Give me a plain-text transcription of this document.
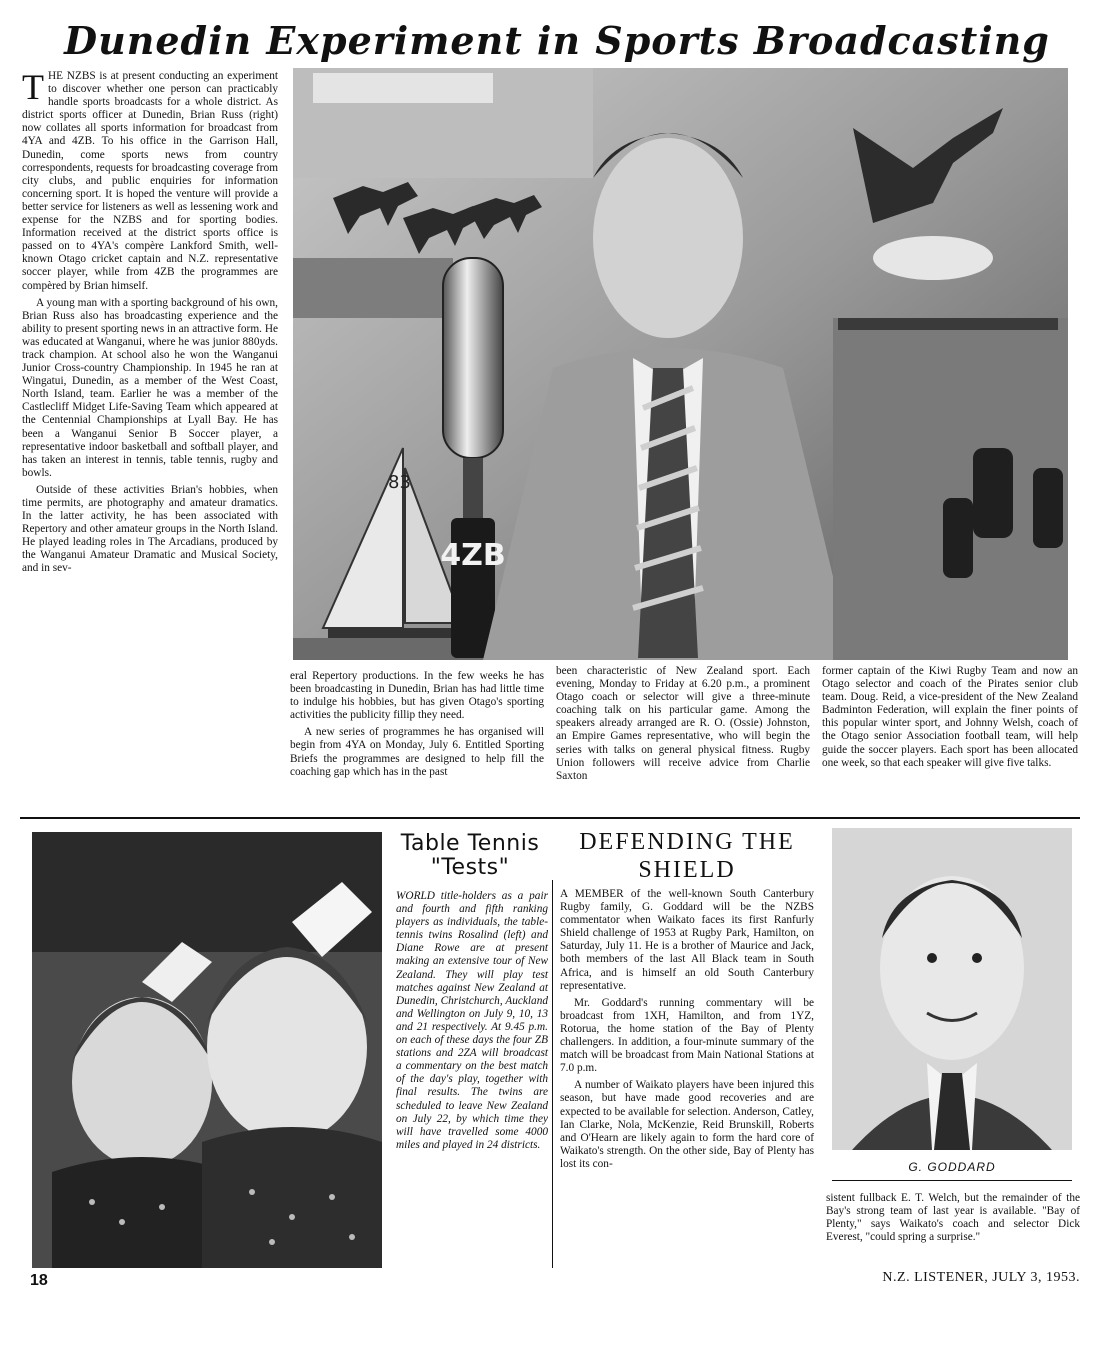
Dunedin Experiment in Sports Broadcasting

THE NZBS is at present conducting an experiment to discover whether one person can practicably handle sports broadcasts for a whole district. As district sports officer at Dunedin, Brian Russ (right) now collates all sports information for broadcast from 4YA and 4ZB. To his office in the Garrison Hall, Dunedin, come sports news from country correspondents, requests for broadcasting coverage from city clubs, and public enquiries for information concerning sport. It is hoped the venture will provide a better service for listeners as well as lessening work and expense for the NZBS and for sporting bodies. Information received at the district sports office is passed on to 4YA's compère Lankford Smith, well-known Otago cricket captain and N.Z. representative soccer player, while from 4ZB the programmes are compèred by Brian himself.

A young man with a sporting background of his own, Brian Russ also has broadcasting experience and the ability to present sporting news in an attractive form. He was educated at Wanganui, where he was junior 880yds. track champion. At school also he won the Wanganui Junior Cross-country Championship. In 1945 he ran at Wingatui, Dunedin, as a member of the West Coast, North Island, team. Earlier he was a member of the Castlecliff Midget Life-Saving Team which appeared at the Centennial Championships at Lyall Bay. He has been a Wanganui Senior B Soccer player, a representative indoor basketball and softball player, and has taken an interest in tennis, table tennis, rugby and bowls.

Outside of these activities Brian's hobbies, when time permits, are photography and amateur dramatics. In the latter activity, he has been associated with Repertory and other amateur groups in the North Island. He played leading roles in The Arcadians, produced by the Wanganui Amateur Dramatic and Musical Society, and in sev-

83
4ZB

eral Repertory productions. In the few weeks he has been broadcasting in Dunedin, Brian has had little time to indulge his hobbies, but has given Otago's sporting activities the publicity fillip they need.

A new series of programmes he has organised will begin from 4YA on Monday, July 6. Entitled Sporting Briefs the programmes are designed to help fill the coaching gap which has in the past

been characteristic of New Zealand sport. Each evening, Monday to Friday at 6.20 p.m., a prominent Otago coach or selector will give a three-minute coaching talk on his particular game. Among the speakers already arranged are R. O. (Ossie) Johnston, an Empire Games representative, who will begin the series with talks on general physical fitness. Rugby Union followers will receive advice from Charlie Saxton

former captain of the Kiwi Rugby Team and now an Otago selector and coach of the Pirates senior club team. Doug. Reid, a vice-president of the New Zealand Badminton Federation, will explain the finer points of this popular winter sport, and Johnny Welsh, coach of the Otago senior Association football team, will help guide the soccer players. Each sport has been allocated one week, so that each speaker will give five talks.

Table Tennis
"Tests"

WORLD title-holders as a pair and fourth and fifth ranking players as individuals, the table-tennis twins Rosalind (left) and Diane Rowe are at present making an extensive tour of New Zealand. They will play test matches against New Zealand at Dunedin, Christchurch, Auckland and Wellington on July 9, 10, 13 and 21 respectively. At 9.45 p.m. on each of these days the four ZB stations and 2ZA will broadcast a commentary on the best match of the day's play, together with final results. The twins are scheduled to leave New Zealand on July 22, by which time they will have travelled some 4000 miles and played in 24 districts.

DEFENDING THE
SHIELD

A MEMBER of the well-known South Canterbury Rugby family, G. Goddard will be the NZBS commentator when Waikato faces its first Ranfurly Shield challenge of 1953 at Rugby Park, Hamilton, on Saturday, July 11. He is a brother of Maurice and Jack, both members of the last All Black team in South Africa, and is himself an old South Canterbury representative.

Mr. Goddard's running commentary will be broadcast from 1XH, Hamilton, and from 1YZ, Rotorua, the home station of the Bay of Plenty challengers. In addition, a four-minute summary of the match will be broadcast from Main National Stations at 7.0 p.m.

A number of Waikato players have been injured this season, but have made good recoveries and are expected to be available for selection. Anderson, Catley, Ian Clarke, Nola, McKenzie, Reid Brunskill, Roberts and O'Hearn are likely again to form the hard core of Waikato's strength. On the other side, Bay of Plenty has lost its con-	G. GODDARD

sistent fullback E. T. Welch, but the remainder of the Bay's strong team of last year is available. "Bay of Plenty," says Waikato's coach and selector Dick Everest, "could spring a surprise."

18	N.Z. LISTENER, JULY 3, 1953.
